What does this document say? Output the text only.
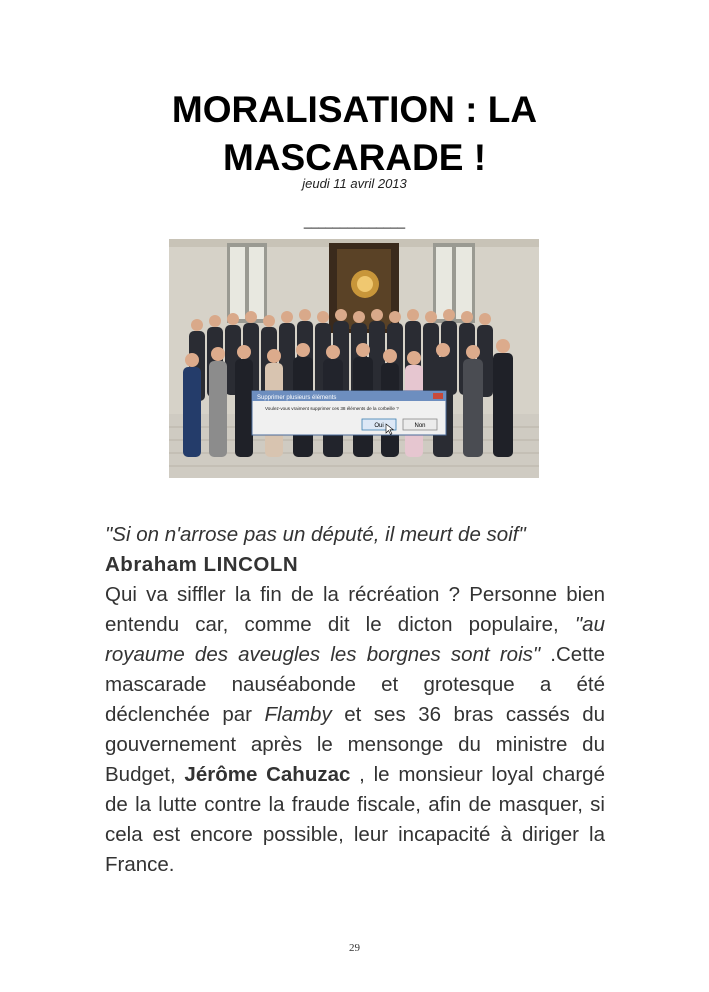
MORALISATION : LA MASCARADE !
jeudi 11 avril 2013
______________
Supprimer plusieurs éléments
Voulez-vous vraiment supprimer ces 38 éléments de la corbeille ?
Oui	Non
"Si on n'arrose pas un député, il meurt de soif"
Abraham LINCOLN
Qui va siffler la fin de la récréation ? Personne bien entendu car, comme dit le dicton populaire, "au royaume des aveugles les borgnes sont rois" .Cette mascarade nauséabonde et grotesque a été déclenchée par Flamby et ses 36 bras cassés du gouvernement après le mensonge du ministre du Budget, Jérôme Cahuzac , le monsieur loyal chargé de la lutte contre la fraude fiscale, afin de masquer, si cela est encore possible, leur incapacité à diriger la France.
29
